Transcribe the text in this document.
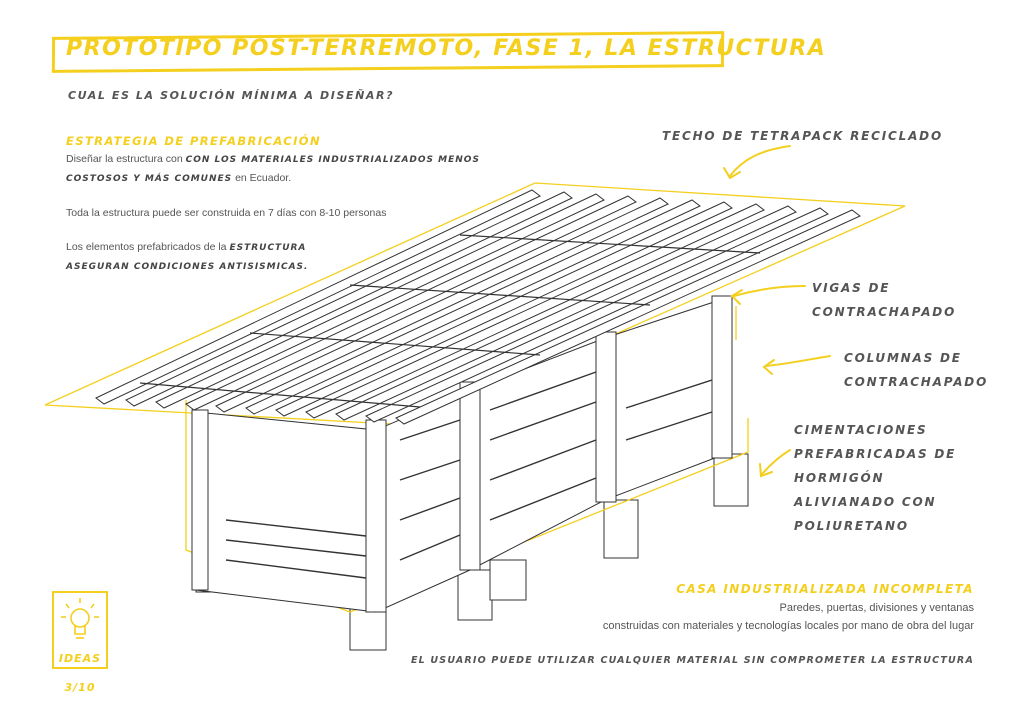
PROTOTIPO POST-TERREMOTO, FASE 1, LA ESTRUCTURA
CUAL ES LA SOLUCIÓN MÍNIMA A DISEÑAR?
ESTRATEGIA DE PREFABRICACIÓN
Diseñar la estructura con CON LOS MATERIALES INDUSTRIALIZADOS MENOS
COSTOSOS Y MÁS COMUNES en Ecuador.
Toda la estructura puede ser construida en 7 días con 8-10 personas
Los elementos prefabricados de la ESTRUCTURA
ASEGURAN CONDICIONES ANTISISMICAS.
TECHO DE TETRAPACK RECICLADO
VIGAS DE
CONTRACHAPADO
COLUMNAS DE
CONTRACHAPADO
CIMENTACIONES
PREFABRICADAS DE
HORMIGÓN
ALIVIANADO CON
POLIURETANO
CASA INDUSTRIALIZADA INCOMPLETA
Paredes, puertas, divisiones y ventanas
construidas con materiales y tecnologías locales por mano de obra del lugar
EL USUARIO PUEDE UTILIZAR CUALQUIER MATERIAL SIN COMPROMETER LA ESTRUCTURA
IDEAS
3/10
